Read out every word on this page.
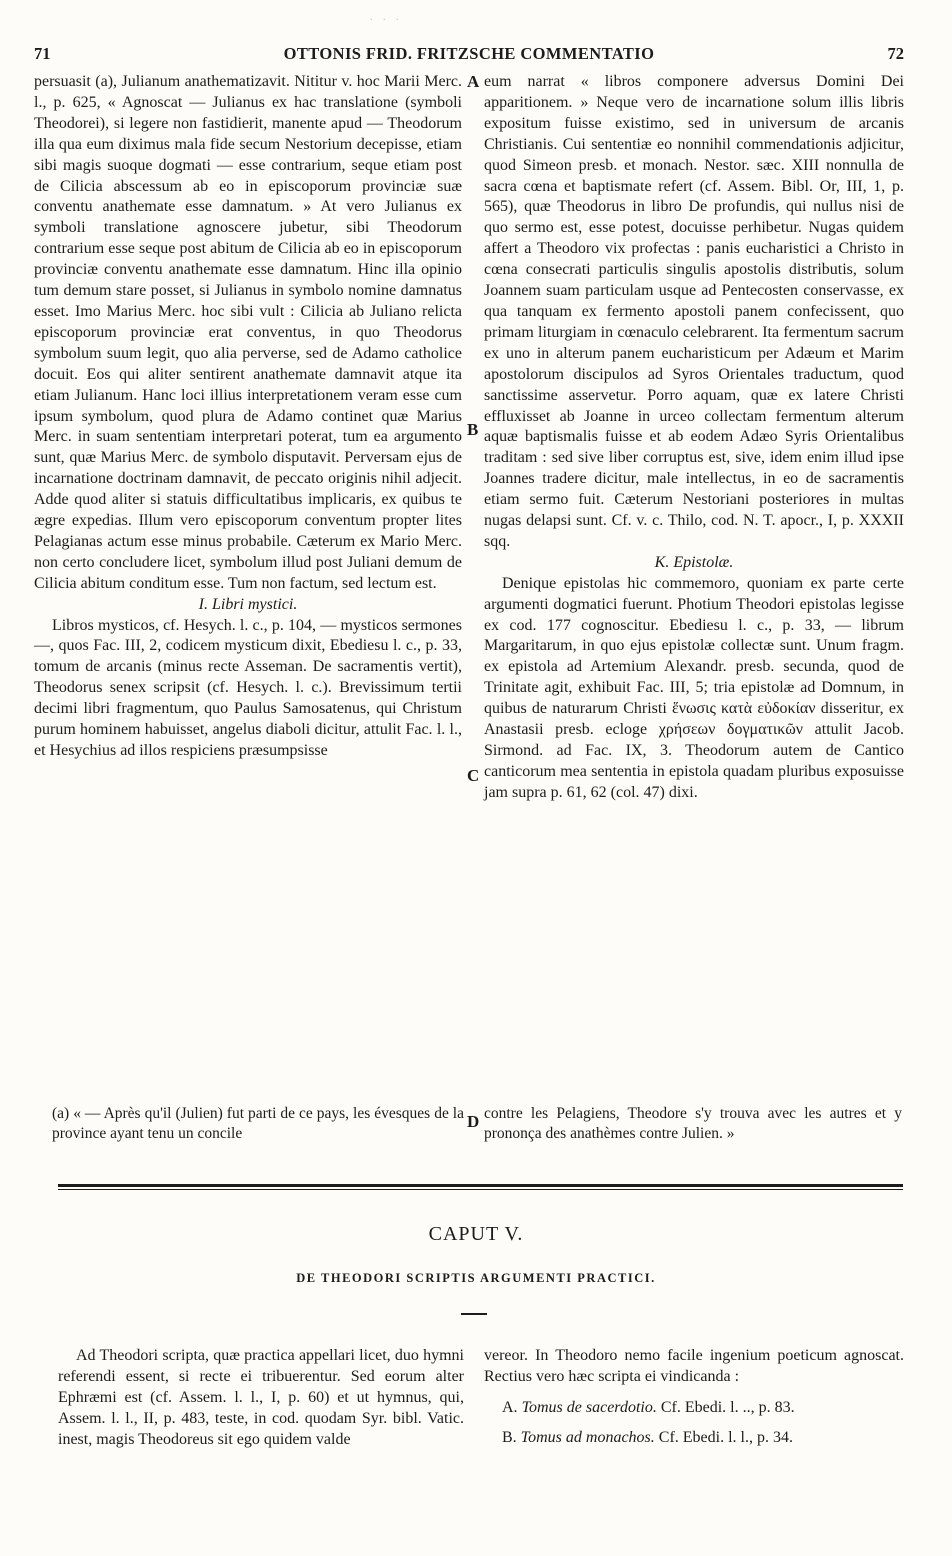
. . .
71	OTTONIS FRID. FRITZSCHE COMMENTATIO	72
A
B
C
D

persuasit (a), Julianum anathematizavit. Nititur v. hoc Marii Merc. l., p. 625, « Agnoscat — Julianus ex hac translatione (symboli Theodorei), si legere non fastidierit, manente apud — Theodorum illa qua eum diximus mala fide secum Nestorium decepisse, etiam sibi magis suoque dogmati — esse contrarium, seque etiam post de Cilicia abscessum ab eo in episcoporum provinciæ suæ conventu anathemate esse damnatum. » At vero Julianus ex symboli translatione agnoscere jubetur, sibi Theodorum contrarium esse seque post abitum de Cilicia ab eo in episcoporum provinciæ conventu anathemate esse damnatum. Hinc illa opinio tum demum stare posset, si Julianus in symbolo nomine damnatus esset. Imo Marius Merc. hoc sibi vult : Cilicia ab Juliano relicta episcoporum provinciæ erat conventus, in quo Theodorus symbolum suum legit, quo alia perverse, sed de Adamo catholice docuit. Eos qui aliter sentirent anathemate damnavit atque ita etiam Julianum. Hanc loci illius interpretationem veram esse cum ipsum symbolum, quod plura de Adamo continet quæ Marius Merc. in suam sententiam interpretari poterat, tum ea argumento sunt, quæ Marius Merc. de symbolo disputavit. Perversam ejus de incarnatione doctrinam damnavit, de peccato originis nihil adjecit. Adde quod aliter si statuis difficultatibus implicaris, ex quibus te ægre expedias. Illum vero episcoporum conventum propter lites Pelagianas actum esse minus probabile. Cæterum ex Mario Merc. non certo concludere licet, symbolum illud post Juliani demum de Cilicia abitum conditum esse. Tum non factum, sed lectum est.

I. Libri mystici.

Libros mysticos, cf. Hesych. l. c., p. 104, — mysticos sermones —, quos Fac. III, 2, codicem mysticum dixit, Ebediesu l. c., p. 33, tomum de arcanis (minus recte Asseman. De sacramentis vertit), Theodorus senex scripsit (cf. Hesych. l. c.). Brevissimum tertii decimi libri fragmentum, quo Paulus Samosatenus, qui Christum purum hominem habuisset, angelus diaboli dicitur, attulit Fac. l. l., et Hesychius ad illos respiciens præsumpsisse

eum narrat « libros componere adversus Domini Dei apparitionem. » Neque vero de incarnatione solum illis libris expositum fuisse existimo, sed in universum de arcanis Christianis. Cui sententiæ eo nonnihil commendationis adjicitur, quod Simeon presb. et monach. Nestor. sæc. XIII nonnulla de sacra cœna et baptismate refert (cf. Assem. Bibl. Or, III, 1, p. 565), quæ Theodorus in libro De profundis, qui nullus nisi de quo sermo est, esse potest, docuisse perhibetur. Nugas quidem affert a Theodoro vix profectas : panis eucharistici a Christo in cœna consecrati particulis singulis apostolis distributis, solum Joannem suam particulam usque ad Pentecosten conservasse, ex qua tanquam ex fermento apostoli panem confecissent, quo primam liturgiam in cœnaculo celebrarent. Ita fermentum sacrum ex uno in alterum panem eucharisticum per Adæum et Marim apostolorum discipulos ad Syros Orientales traductum, quod sanctissime asservetur. Porro aquam, quæ ex latere Christi effluxisset ab Joanne in urceo collectam fermentum alterum aquæ baptismalis fuisse et ab eodem Adæo Syris Orientalibus traditam : sed sive liber corruptus est, sive, idem enim illud ipse Joannes tradere dicitur, male intellectus, in eo de sacramentis etiam sermo fuit. Cæterum Nestoriani posteriores in multas nugas delapsi sunt. Cf. v. c. Thilo, cod. N. T. apocr., I, p. XXXII sqq.

K. Epistolæ.

Denique epistolas hic commemoro, quoniam ex parte certe argumenti dogmatici fuerunt. Photium Theodori epistolas legisse ex cod. 177 cognoscitur. Ebediesu l. c., p. 33, — librum Margaritarum, in quo ejus epistolæ collectæ sunt. Unum fragm. ex epistola ad Artemium Alexandr. presb. secunda, quod de Trinitate agit, exhibuit Fac. III, 5; tria epistolæ ad Domnum, in quibus de naturarum Christi ἕνωσις κατὰ εὐδοκίαν disseritur, ex Anastasii presb. ecloge χρήσεων δογματικῶν attulit Jacob. Sirmond. ad Fac. IX, 3. Theodorum autem de Cantico canticorum mea sententia in epistola quadam pluribus exposuisse jam supra p. 61, 62 (col. 47) dixi.

(a) « — Après qu'il (Julien) fut parti de ce pays, les évesques de la province ayant tenu un concile
contre les Pelagiens, Theodore s'y trouva avec les autres et y prononça des anathèmes contre Julien. »
CAPUT V.
DE THEODORI SCRIPTIS ARGUMENTI PRACTICI.

Ad Theodori scripta, quæ practica appellari licet, duo hymni referendi essent, si recte ei tribuerentur. Sed eorum alter Ephræmi est (cf. Assem. l. l., I, p. 60) et ut hymnus, qui, Assem. l. l., II, p. 483, teste, in cod. quodam Syr. bibl. Vatic. inest, magis Theodoreus sit ego quidem valde

vereor. In Theodoro nemo facile ingenium poeticum agnoscat. Rectius vero hæc scripta ei vindicanda :

A. Tomus de sacerdotio. Cf. Ebedi. l. .., p. 83.

B. Tomus ad monachos. Cf. Ebedi. l. l., p. 34.
